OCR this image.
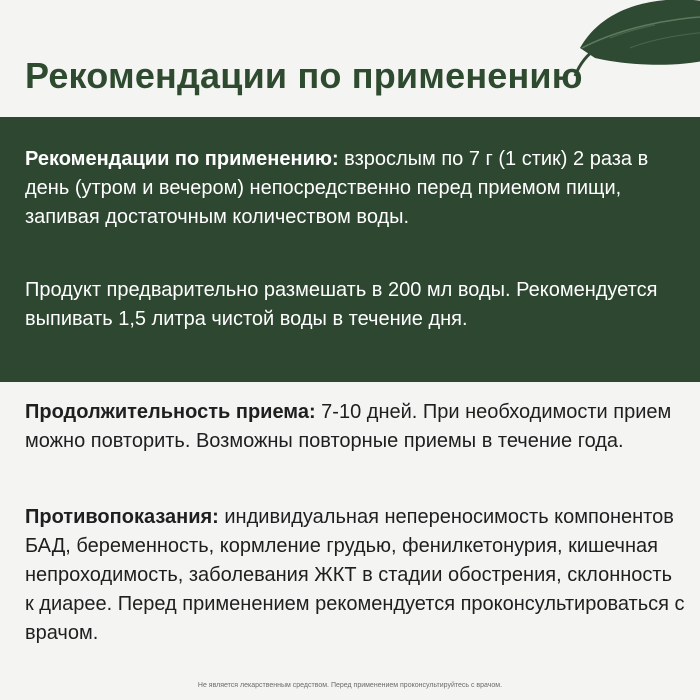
Рекомендации по применению

Рекомендации по применению: взрослым по 7 г (1 стик) 2 раза в день (утром и вечером) непосредственно перед приемом пищи, запивая достаточным количеством воды.

Продукт предварительно размешать в 200 мл воды. Рекомендуется выпивать 1,5 литра чистой воды в течение дня.

Продолжительность приема: 7-10 дней. При необходимости прием можно повторить. Возможны повторные приемы в течение года.

Противопоказания: индивидуальная непереносимость компонентов БАД, беременность, кормление грудью, фенилкетонурия, кишечная непроходимость, заболевания ЖКТ в стадии обострения, склонность к диарее. Перед применением рекомендуется проконсультироваться с врачом.

Не является лекарственным средством. Перед применением проконсультируйтесь с врачом.
